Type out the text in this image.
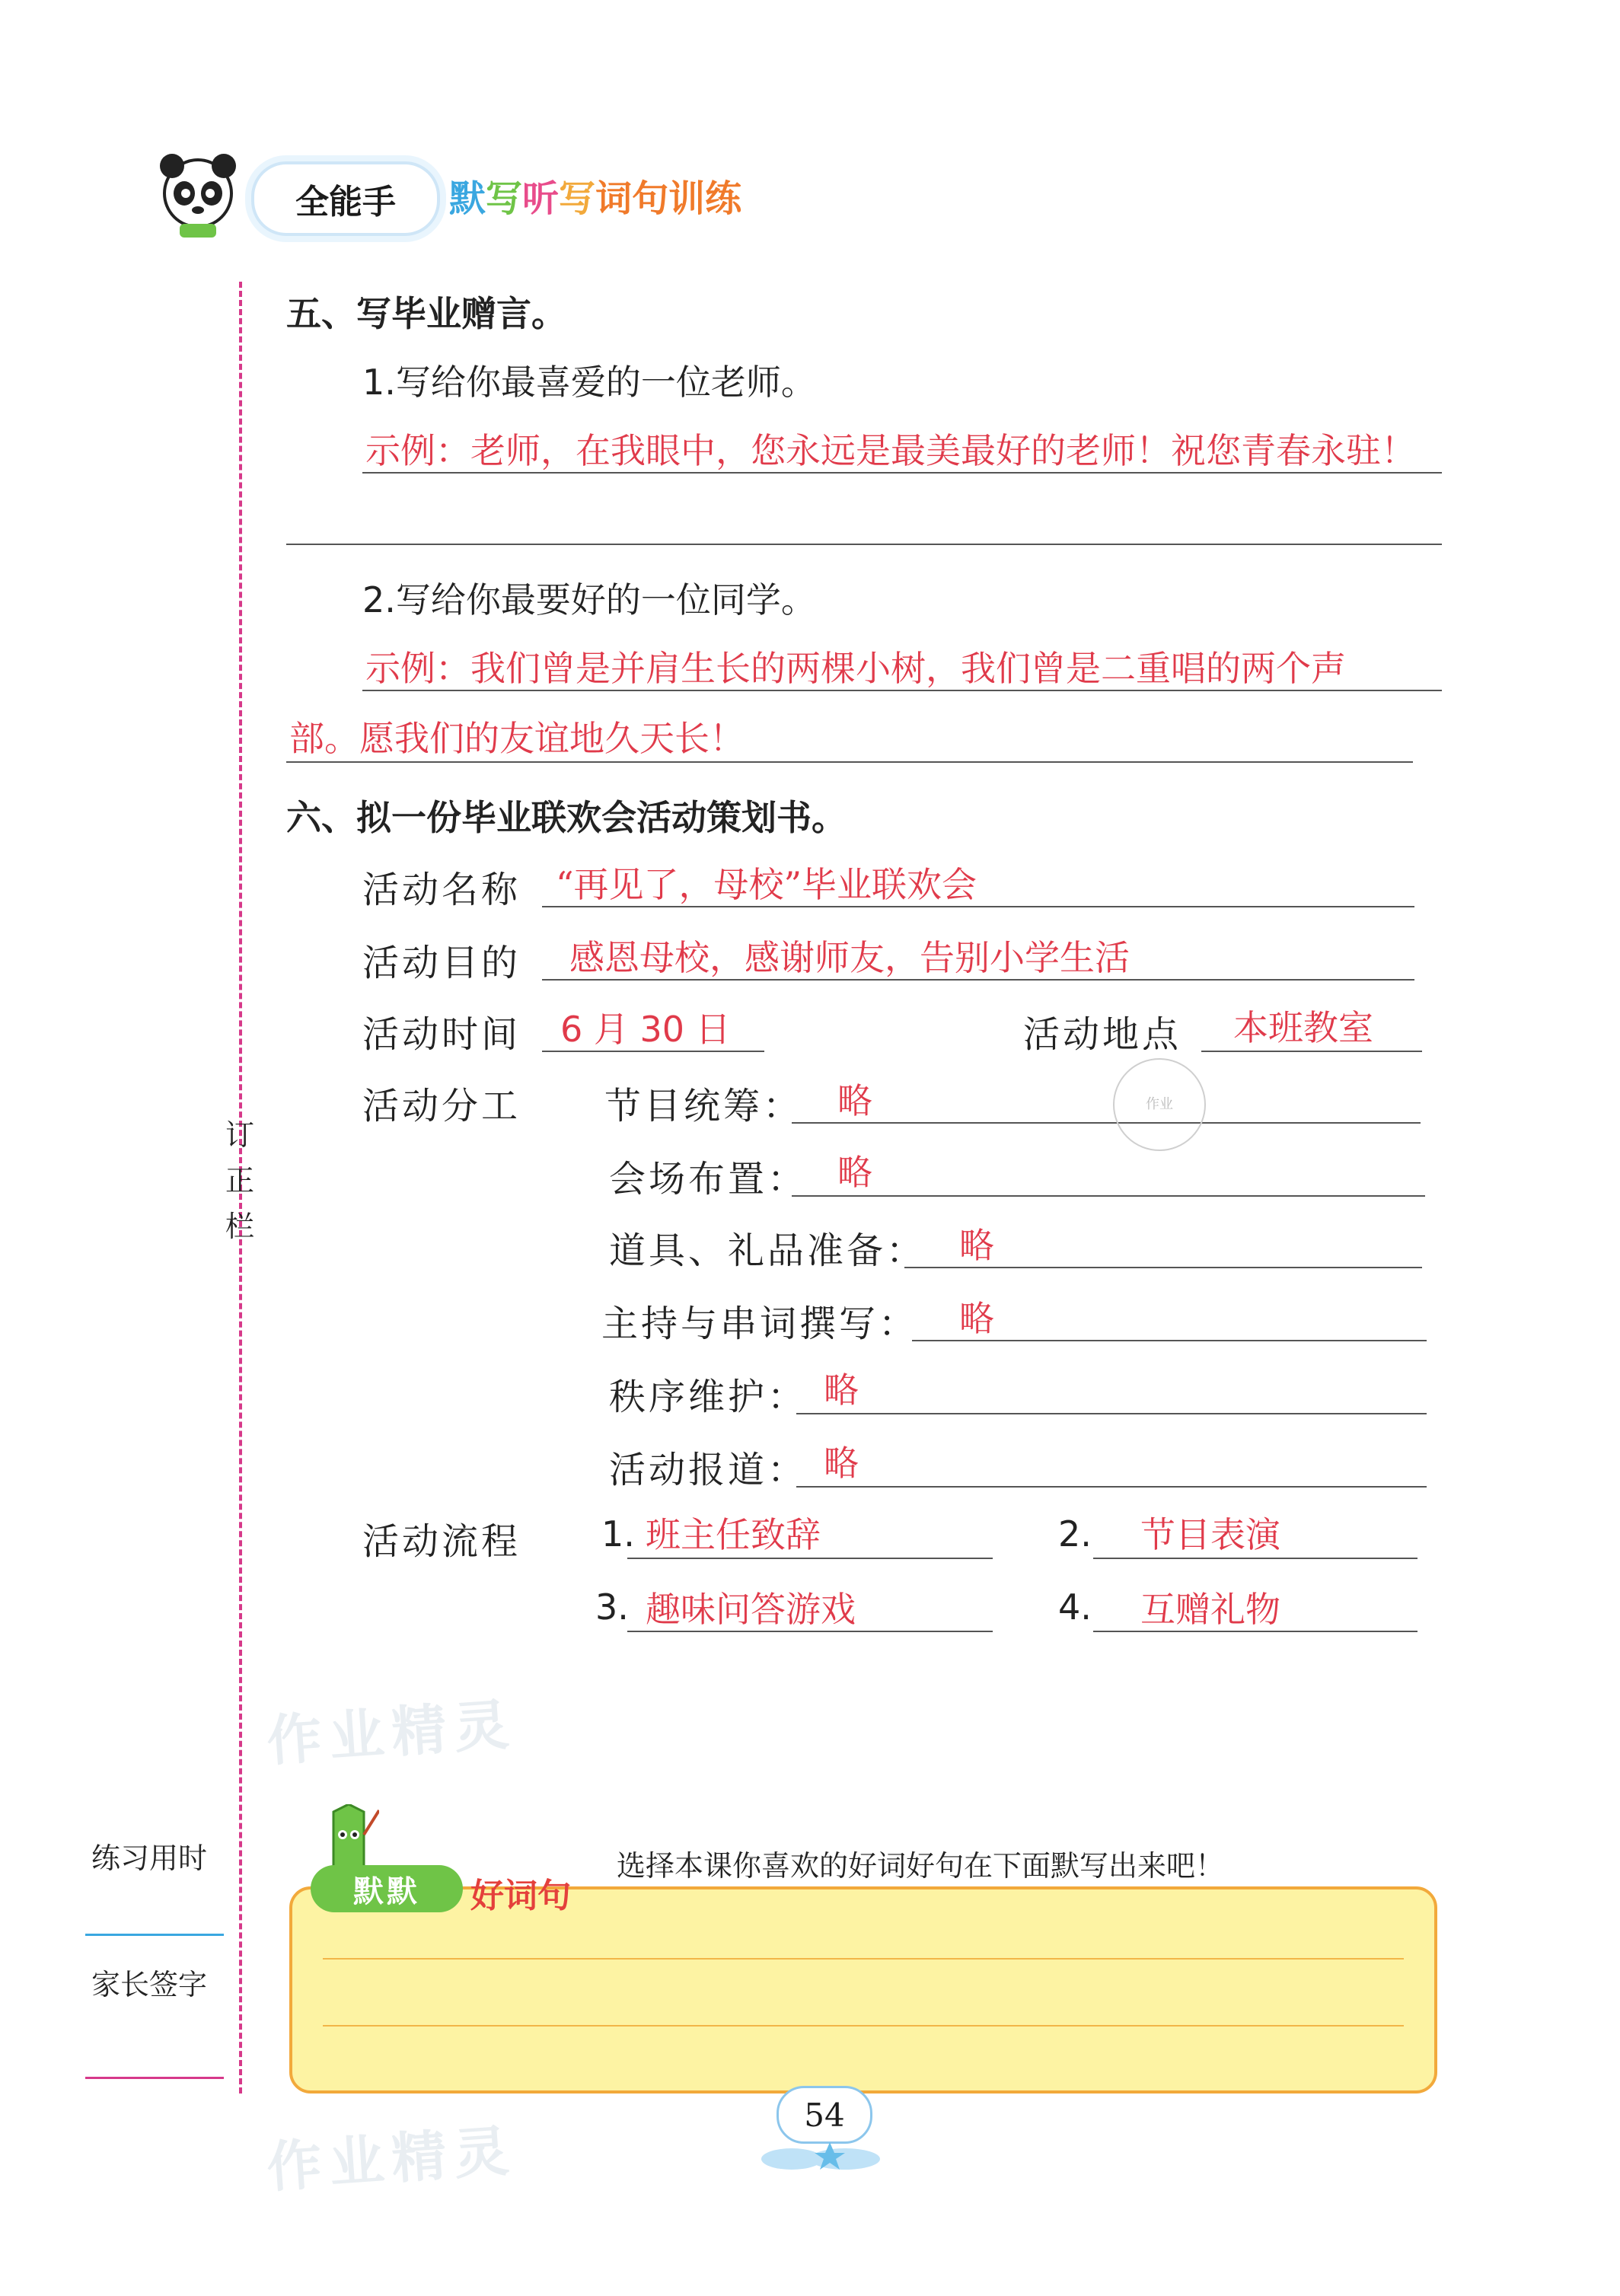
全能手	默写听写词句训练
订
正
栏
练习用时
家长签字
五、写毕业赠言。
1.写给你最喜爱的一位老师。
示例：老师，在我眼中，您永远是最美最好的老师！祝您青春永驻！
2.写给你最要好的一位同学。
示例：我们曾是并肩生长的两棵小树，我们曾是二重唱的两个声
部。愿我们的友谊地久天长！
六、拟一份毕业联欢会活动策划书。
活动名称 “再见了，母校”毕业联欢会
活动目的 感恩母校，感谢师友，告别小学生活
活动时间 6 月 30 日	活动地点 本班教室
活动分工 节目统筹： 略
会场布置： 略
道具、礼品准备： 略
主持与串词撰写： 略
秩序维护： 略
活动报道： 略
活动流程 1. 班主任致辞	2. 节目表演
3. 趣味问答游戏	4. 互赠礼物
作业
作业精灵
作业精灵
默默	好词句
选择本课你喜欢的好词好句在下面默写出来吧！
54
